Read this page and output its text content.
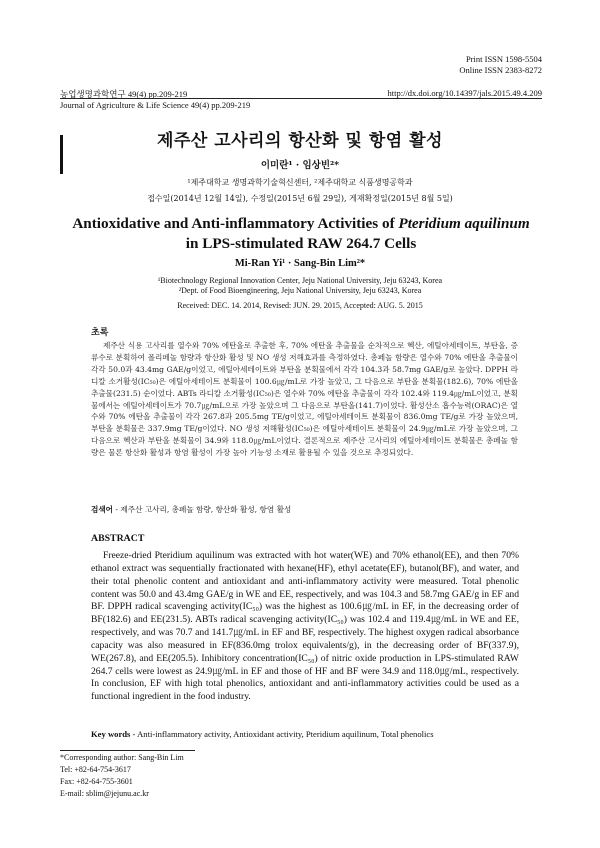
Print ISSN 1598-5504
Online ISSN 2383-8272
농업생명과학연구 49(4) pp.209-219	http://dx.doi.org/10.14397/jals.2015.49.4.209
Journal of Agriculture & Life Science 49(4) pp.209-219
제주산 고사리의 항산화 및 항염 활성
이미란¹ · 임상빈²*
¹제주대학교 생명과학기술혁신센터, ²제주대학교 식품생명공학과
접수일(2014년 12월 14일), 수정일(2015년 6월 29일), 게재확정일(2015년 8월 5일)
Antioxidative and Anti-inflammatory Activities of Pteridium aquilinum
in LPS-stimulated RAW 264.7 Cells
Mi-Ran Yi¹ · Sang-Bin Lim²*
¹Biotechnology Regional Innovation Center, Jeju National University, Jeju 63243, Korea
²Dept. of Food Bioengineering, Jeju National University, Jeju 63243, Korea
Received: DEC. 14. 2014, Revised: JUN. 29. 2015, Accepted: AUG. 5. 2015
초록
제주산 식용 고사리를 열수와 70% 에탄올로 추출한 후, 70% 에탄올 추출물을 순차적으로 헥산, 에틸아세테이트, 부탄올, 증류수로 분획하여 폴리페놀 함량과 항산화 활성 및 NO 생성 저해효과를 측정하였다. 총페놀 함량은 열수와 70% 에탄올 추출물이 각각 50.0과 43.4mg GAE/g이었고, 에틸아세테이트와 부탄올 분획물에서 각각 104.3과 58.7mg GAE/g로 높았다. DPPH 라디칼 소거활성(IC₅₀)은 에틸아세테이트 분획물이 100.6㎍/mL로 가장 높았고, 그 다음으로 부탄올 분획물(182.6), 70% 에탄올 추출물(231.5) 순이었다. ABTs 라디칼 소거활성(IC₅₀)은 열수와 70% 에탄올 추출물이 각각 102.4와 119.4㎍/mL이었고, 분획물에서는 에틸아세테이트가 70.7㎍/mL으로 가장 높았으며 그 다음으로 부탄올(141.7)이었다. 활성산소 흡수능력(ORAC)은 열수와 70% 에탄올 추출물이 각각 267.8과 205.5mg TE/g이었고, 에틸아세테이트 분획물이 836.0mg TE/g로 가장 높았으며, 부탄올 분획물은 337.9mg TE/g이었다. NO 생성 저해활성(IC₅₀)은 에틸아세테이트 분획물이 24.9㎍/mL로 가장 높았으며, 그 다음으로 헥산과 부탄올 분획물이 34.9와 118.0㎍/mL이었다. 결론적으로 제주산 고사리의 에틸아세테이트 분획물은 총페놀 함량은 물론 항산화 활성과 항염 활성이 가장 높아 기능성 소재로 활용될 수 있을 것으로 추정되었다.
검색어 - 제주산 고사리, 총페놀 함량, 항산화 활성, 항염 활성
ABSTRACT
Freeze-dried Pteridium aquilinum was extracted with hot water(WE) and 70% ethanol(EE), and then 70% ethanol extract was sequentially fractionated with hexane(HF), ethyl acetate(EF), butanol(BF), and water, and their total phenolic content and antioxidant and anti-inflammatory activity were measured. Total phenolic content was 50.0 and 43.4mg GAE/g in WE and EE, respectively, and was 104.3 and 58.7mg GAE/g in EF and BF. DPPH radical scavenging activity(IC₅₀) was the highest as 100.6㎍/mL in EF, in the decreasing order of BF(182.6) and EE(231.5). ABTs radical scavenging activity(IC₅₀) was 102.4 and 119.4㎍/mL in WE and EE, respectively, and was 70.7 and 141.7㎍/mL in EF and BF, respectively. The highest oxygen radical absorbance capacity was also measured in EF(836.0mg trolox equivalents/g), in the decreasing order of BF(337.9), WE(267.8), and EE(205.5). Inhibitory concentration(IC₅₀) of nitric oxide production in LPS-stimulated RAW 264.7 cells were lowest as 24.9㎍/mL in EF and those of HF and BF were 34.9 and 118.0㎍/mL, respectively. In conclusion, EF with high total phenolics, antioxidant and anti-inflammatory activities could be used as a functional ingredient in the food industry.
Key words - Anti-inflammatory activity, Antioxidant activity, Pteridium aquilinum, Total phenolics
*Corresponding author: Sang-Bin Lim
Tel: +82-64-754-3617
Fax: +82-64-755-3601
E-mail: sblim@jejunu.ac.kr
